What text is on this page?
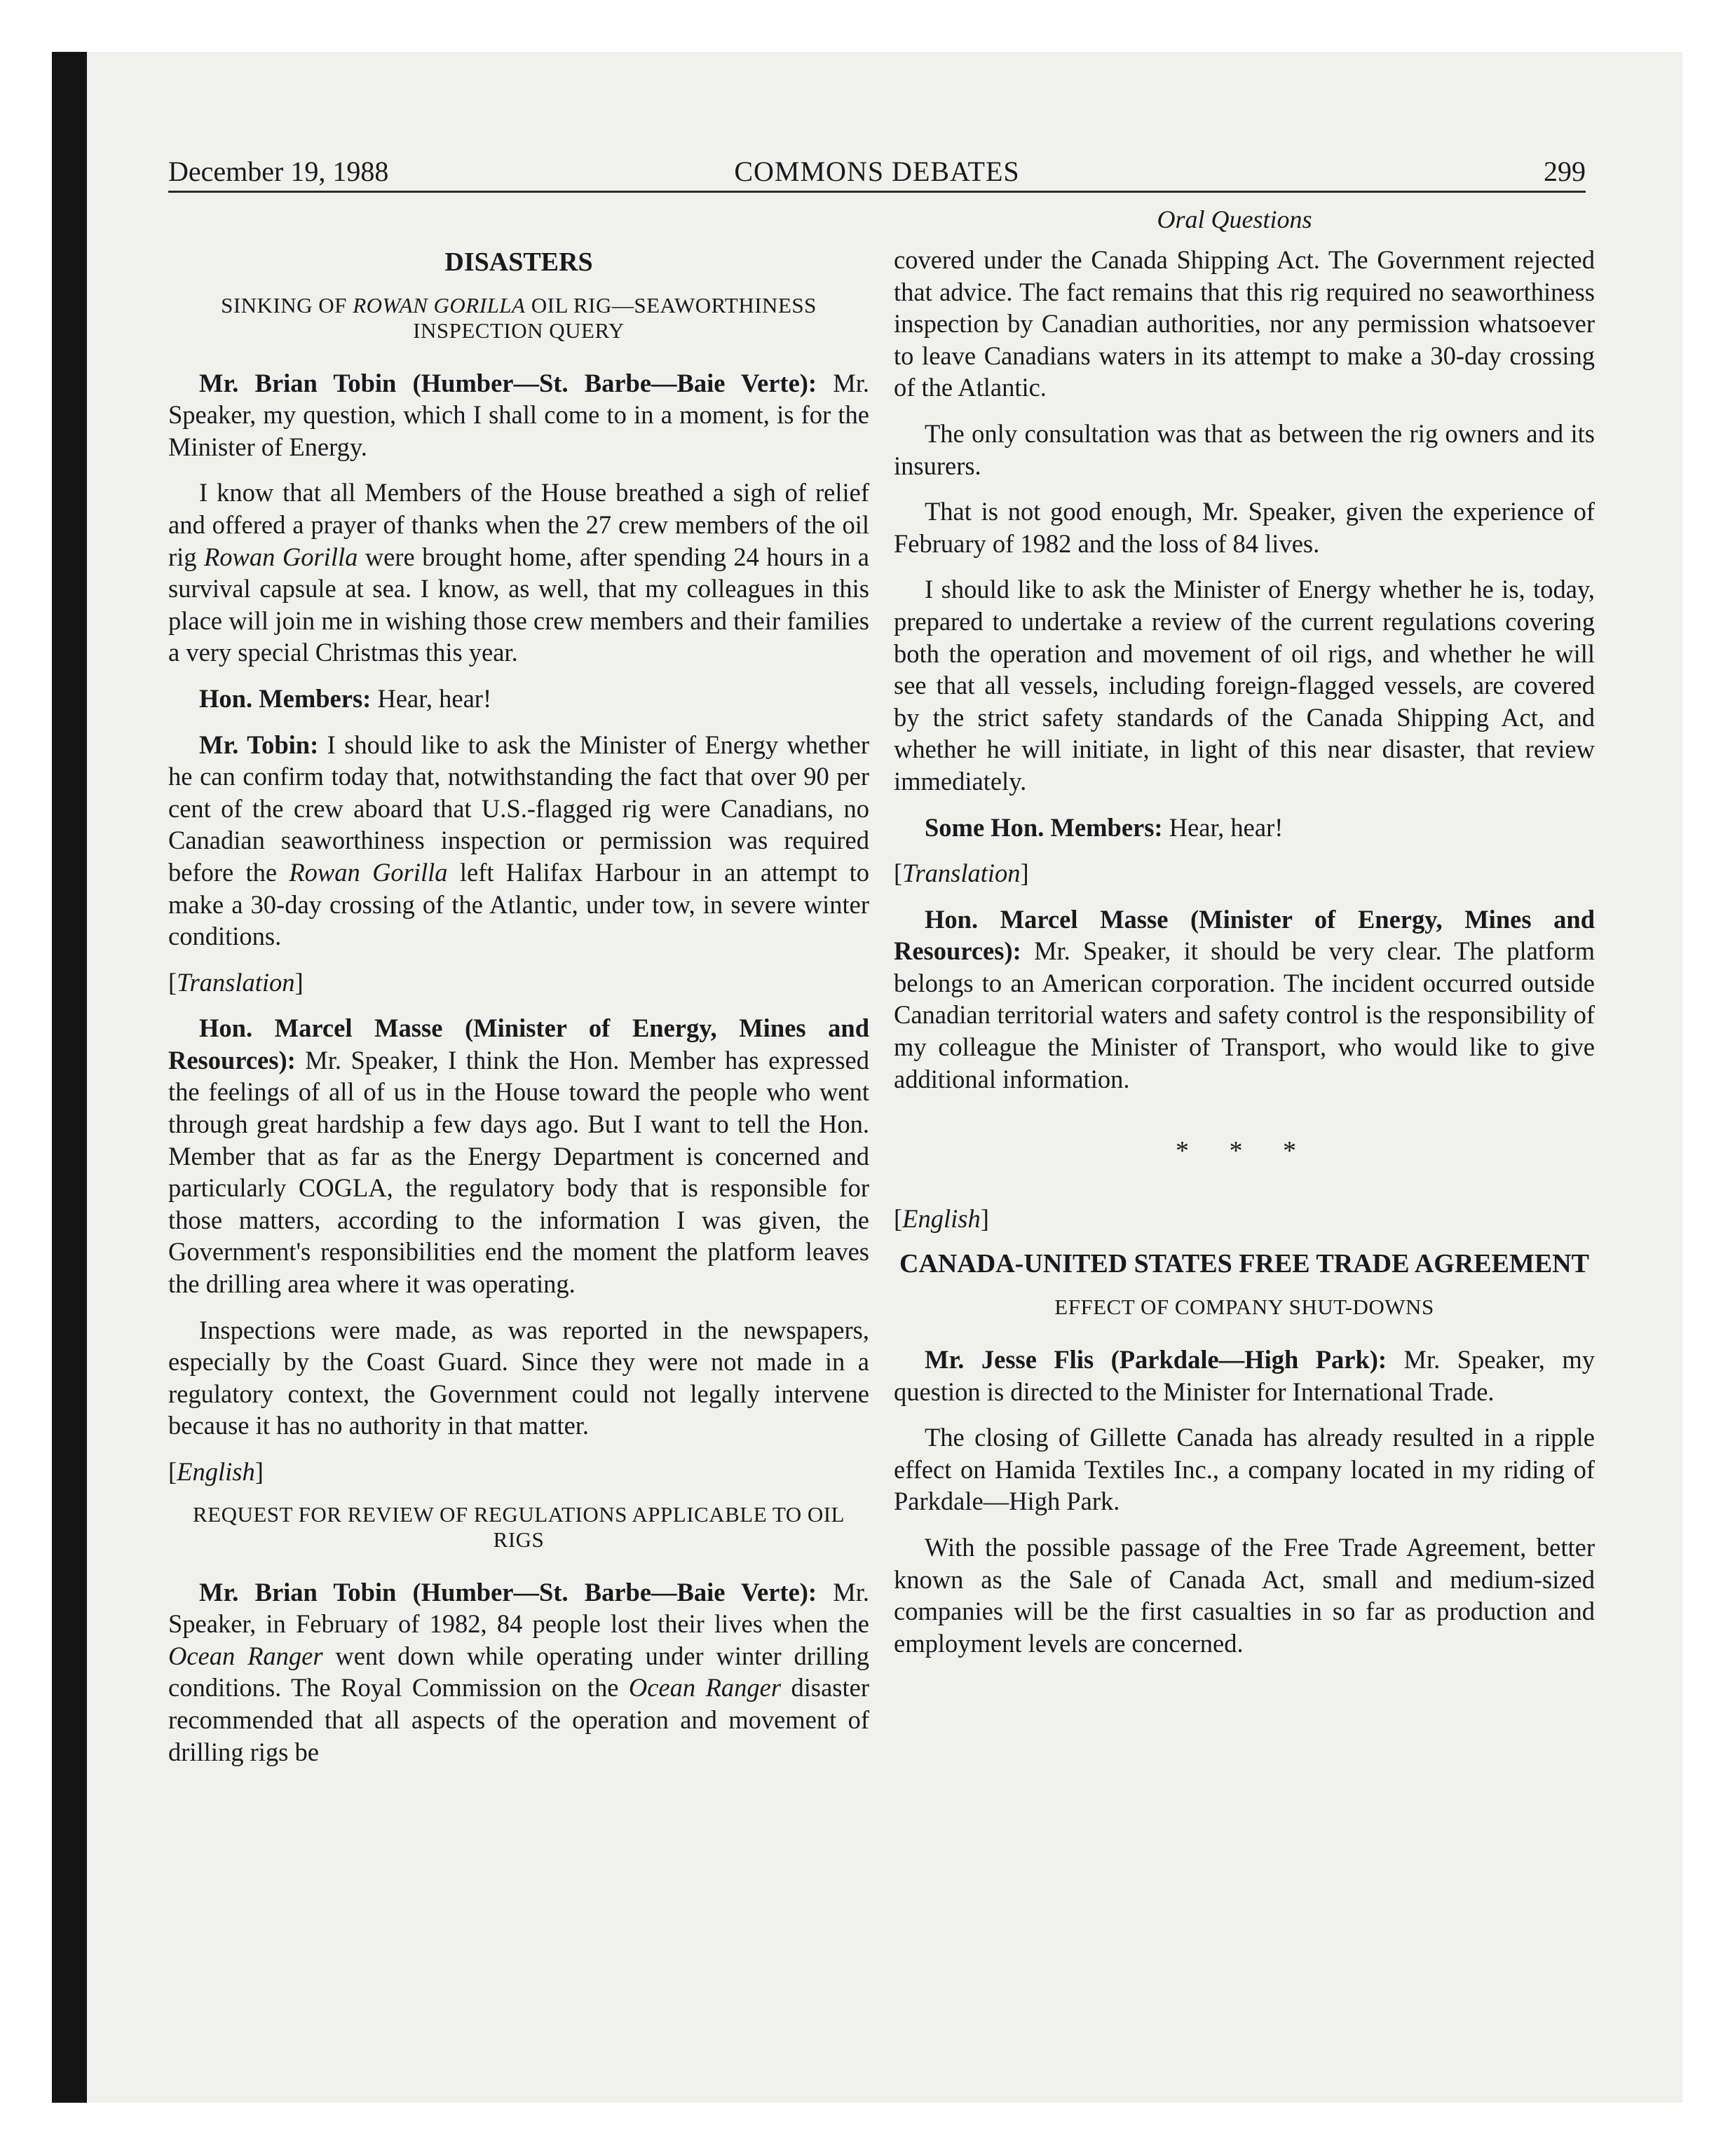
December 19, 1988	COMMONS DEBATES	299
Oral Questions
DISASTERS
SINKING OF ROWAN GORILLA OIL RIG—SEAWORTHINESS INSPECTION QUERY

Mr. Brian Tobin (Humber—St. Barbe—Baie Verte): Mr. Speaker, my question, which I shall come to in a moment, is for the Minister of Energy.

I know that all Members of the House breathed a sigh of relief and offered a prayer of thanks when the 27 crew members of the oil rig Rowan Gorilla were brought home, after spending 24 hours in a survival capsule at sea. I know, as well, that my colleagues in this place will join me in wishing those crew members and their families a very special Christmas this year.

Hon. Members: Hear, hear!

Mr. Tobin: I should like to ask the Minister of Energy whether he can confirm today that, notwithstanding the fact that over 90 per cent of the crew aboard that U.S.-flagged rig were Canadians, no Canadian seaworthiness inspection or permission was required before the Rowan Gorilla left Halifax Harbour in an attempt to make a 30-day crossing of the Atlantic, under tow, in severe winter conditions.

[Translation]

Hon. Marcel Masse (Minister of Energy, Mines and Resources): Mr. Speaker, I think the Hon. Member has expressed the feelings of all of us in the House toward the people who went through great hardship a few days ago. But I want to tell the Hon. Member that as far as the Energy Department is concerned and particularly COGLA, the regulatory body that is responsible for those matters, according to the information I was given, the Government's responsibilities end the moment the platform leaves the drilling area where it was operating.

Inspections were made, as was reported in the newspapers, especially by the Coast Guard. Since they were not made in a regulatory context, the Government could not legally intervene because it has no authority in that matter.

[English]

REQUEST FOR REVIEW OF REGULATIONS APPLICABLE TO OIL RIGS

Mr. Brian Tobin (Humber—St. Barbe—Baie Verte): Mr. Speaker, in February of 1982, 84 people lost their lives when the Ocean Ranger went down while operating under winter drilling conditions. The Royal Commission on the Ocean Ranger disaster recommended that all aspects of the operation and movement of drilling rigs be

covered under the Canada Shipping Act. The Government rejected that advice. The fact remains that this rig required no seaworthiness inspection by Canadian authorities, nor any permission whatsoever to leave Canadians waters in its attempt to make a 30-day crossing of the Atlantic.

The only consultation was that as between the rig owners and its insurers.

That is not good enough, Mr. Speaker, given the experience of February of 1982 and the loss of 84 lives.

I should like to ask the Minister of Energy whether he is, today, prepared to undertake a review of the current regulations covering both the operation and movement of oil rigs, and whether he will see that all vessels, including foreign-flagged vessels, are covered by the strict safety standards of the Canada Shipping Act, and whether he will initiate, in light of this near disaster, that review immediately.

Some Hon. Members: Hear, hear!

[Translation]

Hon. Marcel Masse (Minister of Energy, Mines and Resources): Mr. Speaker, it should be very clear. The platform belongs to an American corporation. The incident occurred outside Canadian territorial waters and safety control is the responsibility of my colleague the Minister of Transport, who would like to give additional information.

* * *

[English]

CANADA-UNITED STATES FREE TRADE AGREEMENT
EFFECT OF COMPANY SHUT-DOWNS

Mr. Jesse Flis (Parkdale—High Park): Mr. Speaker, my question is directed to the Minister for International Trade.

The closing of Gillette Canada has already resulted in a ripple effect on Hamida Textiles Inc., a company located in my riding of Parkdale—High Park.

With the possible passage of the Free Trade Agreement, better known as the Sale of Canada Act, small and medium-sized companies will be the first casualties in so far as production and employment levels are concerned.
